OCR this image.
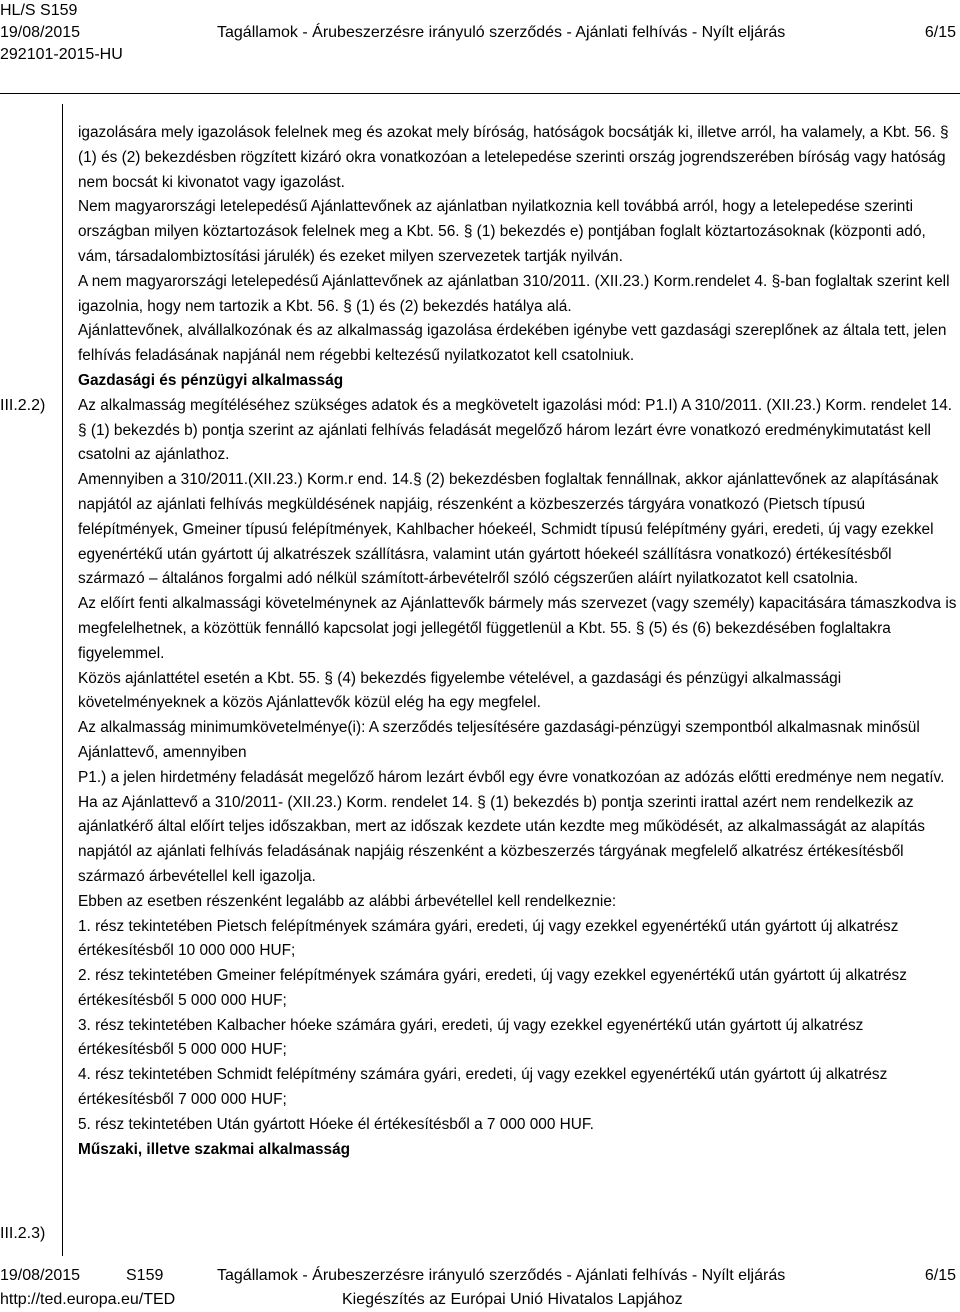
HL/S S159
19/08/2015	Tagállamok - Árubeszerzésre irányuló szerződés - Ajánlati felhívás - Nyílt eljárás	6/15
292101-2015-HU
III.2.2)
III.2.3)

igazolására mely igazolások felelnek meg és azokat mely bíróság, hatóságok bocsátják ki, illetve arról, ha valamely, a Kbt. 56. § (1) és (2) bekezdésben rögzített kizáró okra vonatkozóan a letelepedése szerinti ország jogrendszerében bíróság vagy hatóság nem bocsát ki kivonatot vagy igazolást.

Nem magyarországi letelepedésű Ajánlattevőnek az ajánlatban nyilatkoznia kell továbbá arról, hogy a letelepedése szerinti országban milyen köztartozások felelnek meg a Kbt. 56. § (1) bekezdés e) pontjában foglalt köztartozásoknak (központi adó, vám, társadalombiztosítási járulék) és ezeket milyen szervezetek tartják nyilván.

A nem magyarországi letelepedésű Ajánlattevőnek az ajánlatban 310/2011. (XII.23.) Korm.rendelet 4. §-ban foglaltak szerint kell igazolnia, hogy nem tartozik a Kbt. 56. § (1) és (2) bekezdés hatálya alá.

Ajánlattevőnek, alvállalkozónak és az alkalmasság igazolása érdekében igénybe vett gazdasági szereplőnek az általa tett, jelen felhívás feladásának napjánál nem régebbi keltezésű nyilatkozatot kell csatolniuk.

Gazdasági és pénzügyi alkalmasság

Az alkalmasság megítéléséhez szükséges adatok és a megkövetelt igazolási mód: P1.I) A 310/2011. (XII.23.) Korm. rendelet 14. § (1) bekezdés b) pontja szerint az ajánlati felhívás feladását megelőző három lezárt évre vonatkozó eredménykimutatást kell csatolni az ajánlathoz.

Amennyiben a 310/2011.(XII.23.) Korm.r end. 14.§ (2) bekezdésben foglaltak fennállnak, akkor ajánlattevőnek az alapításának napjától az ajánlati felhívás megküldésének napjáig, részenként a közbeszerzés tárgyára vonatkozó (Pietsch típusú felépítmények, Gmeiner típusú felépítmények, Kahlbacher hóekeél, Schmidt típusú felépítmény gyári, eredeti, új vagy ezekkel egyenértékű után gyártott új alkatrészek szállításra, valamint után gyártott hóekeél szállításra vonatkozó) értékesítésből származó – általános forgalmi adó nélkül számított-árbevételről szóló cégszerűen aláírt nyilatkozatot kell csatolnia.

Az előírt fenti alkalmassági követelménynek az Ajánlattevők bármely más szervezet (vagy személy) kapacitására támaszkodva is megfelelhetnek, a közöttük fennálló kapcsolat jogi jellegétől függetlenül a Kbt. 55. § (5) és (6) bekezdésében foglaltakra figyelemmel.

Közös ajánlattétel esetén a Kbt. 55. § (4) bekezdés figyelembe vételével, a gazdasági és pénzügyi alkalmassági követelményeknek a közös Ajánlattevők közül elég ha egy megfelel.

Az alkalmasság minimumkövetelménye(i): A szerződés teljesítésére gazdasági-pénzügyi szempontból alkalmasnak minősül Ajánlattevő, amennyiben

P1.) a jelen hirdetmény feladását megelőző három lezárt évből egy évre vonatkozóan az adózás előtti eredménye nem negatív.

Ha az Ajánlattevő a 310/2011- (XII.23.) Korm. rendelet 14. § (1) bekezdés b) pontja szerinti irattal azért nem rendelkezik az ajánlatkérő által előírt teljes időszakban, mert az időszak kezdete után kezdte meg működését, az alkalmasságát az alapítás napjától az ajánlati felhívás feladásának napjáig részenként a közbeszerzés tárgyának megfelelő alkatrész értékesítésből származó árbevétellel kell igazolja.

Ebben az esetben részenként legalább az alábbi árbevétellel kell rendelkeznie:

1. rész tekintetében Pietsch felépítmények számára gyári, eredeti, új vagy ezekkel egyenértékű után gyártott új alkatrész értékesítésből 10 000 000 HUF;

2. rész tekintetében Gmeiner felépítmények számára gyári, eredeti, új vagy ezekkel egyenértékű után gyártott új alkatrész értékesítésből 5 000 000 HUF;

3. rész tekintetében Kalbacher hóeke számára gyári, eredeti, új vagy ezekkel egyenértékű után gyártott új alkatrész értékesítésből 5 000 000 HUF;

4. rész tekintetében Schmidt felépítmény számára gyári, eredeti, új vagy ezekkel egyenértékű után gyártott új alkatrész értékesítésből 7 000 000 HUF;

5. rész tekintetében Után gyártott Hóeke él értékesítésből a 7 000 000 HUF.

Műszaki, illetve szakmai alkalmasság
19/08/2015	S159	Tagállamok - Árubeszerzésre irányuló szerződés - Ajánlati felhívás - Nyílt eljárás	6/15
http://ted.europa.eu/TED	Kiegészítés az Európai Unió Hivatalos Lapjához
